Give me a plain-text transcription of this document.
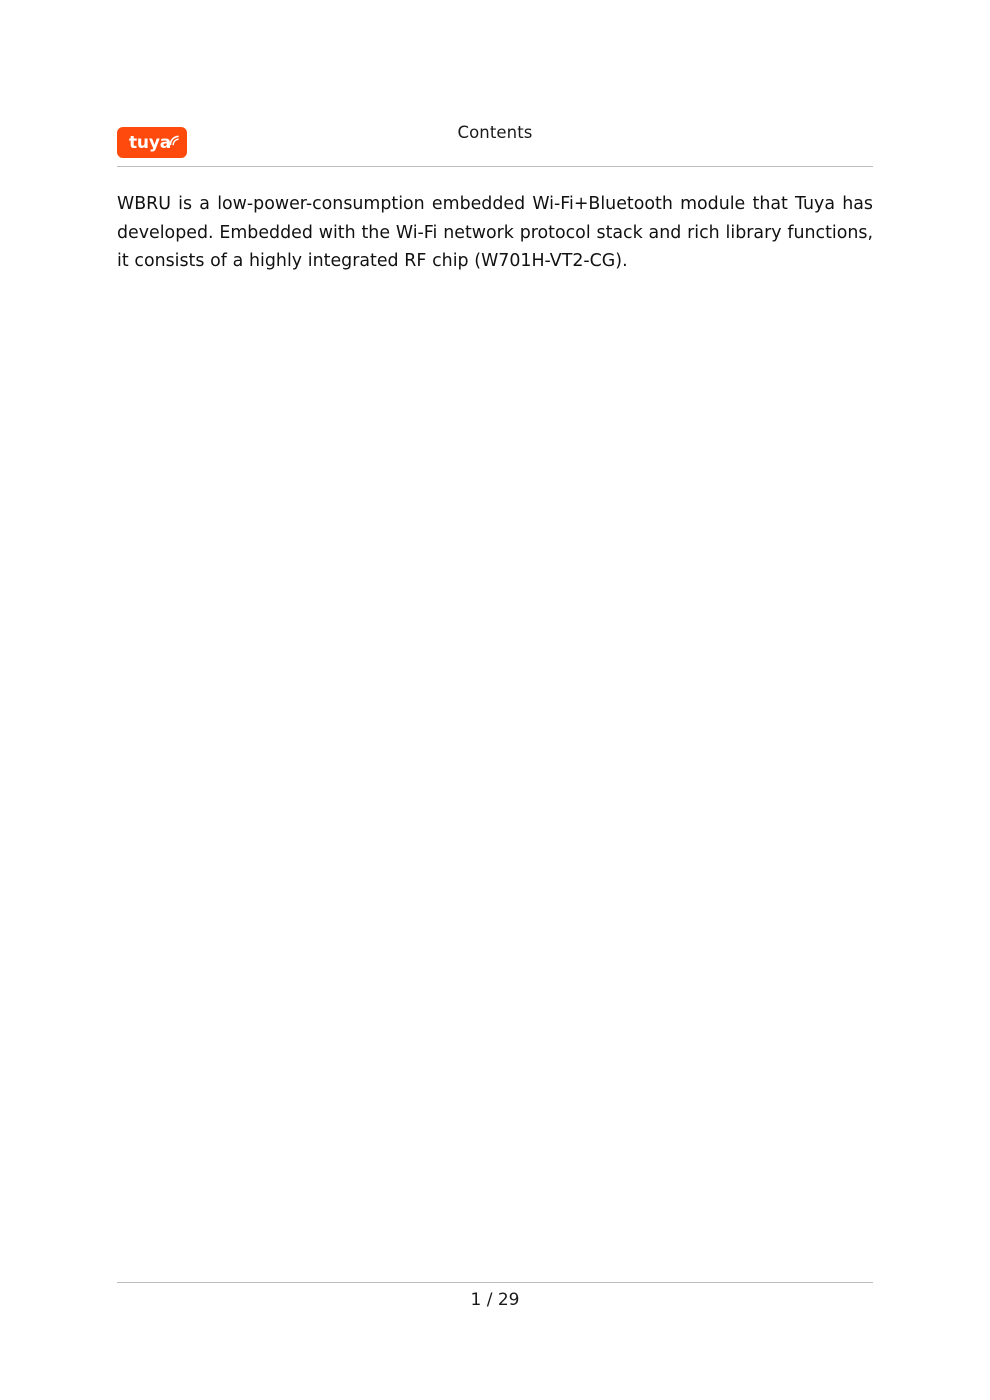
tuya	Contents

WBRU is a low-power-consumption embedded Wi-Fi+Bluetooth module that Tuya has developed. Embedded with the Wi-Fi network protocol stack and rich library functions, it consists of a highly integrated RF chip (W701H-VT2-CG).

1 / 29
